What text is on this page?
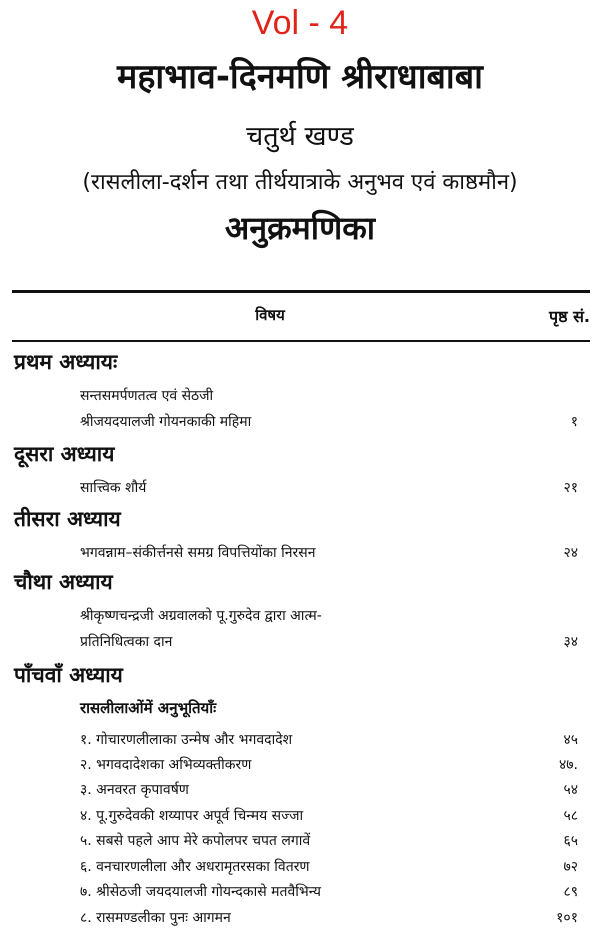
Vol - 4
महाभाव-दिनमणि श्रीराधाबाबा
चतुर्थ खण्ड
(रासलीला-दर्शन तथा तीर्थयात्राके अनुभव एवं काष्ठमौन)
अनुक्रमणिका
विषय	पृष्ठ सं.
प्रथम अध्यायः
सन्तसमर्पणतत्व एवं सेठजी
श्रीजयदयालजी गोयनकाकी महिमा	१
दूसरा अध्याय
सात्त्विक शौर्य	२१
तीसरा अध्याय
भगवन्नाम–संकीर्त्तनसे समग्र विपत्तियोंका निरसन	२४
चौथा अध्याय
श्रीकृष्णचन्द्रजी अग्रवालको पू.गुरुदेव द्वारा आत्म-
प्रतिनिधित्वका दान	३४
पाँचवाँ अध्याय
रासलीलाओंमें अनुभूतियाँः
१. गोचारणलीलाका उन्मेष और भगवदादेश	४५
२. भगवदादेशका अभिव्यक्तीकरण	४७.
३. अनवरत कृपावर्षण	५४
४. पू.गुरुदेवकी शय्यापर अपूर्व चिन्मय सज्जा	५८
५. सबसे पहले आप मेरे कपोलपर चपत लगावें	६५
६. वनचारणलीला और अधरामृतरसका वितरण	७२
७. श्रीसेठजी जयदयालजी गोयन्दकासे मतवैभिन्य	८९
८. रासमण्डलीका पुनः आगमन	१०१
